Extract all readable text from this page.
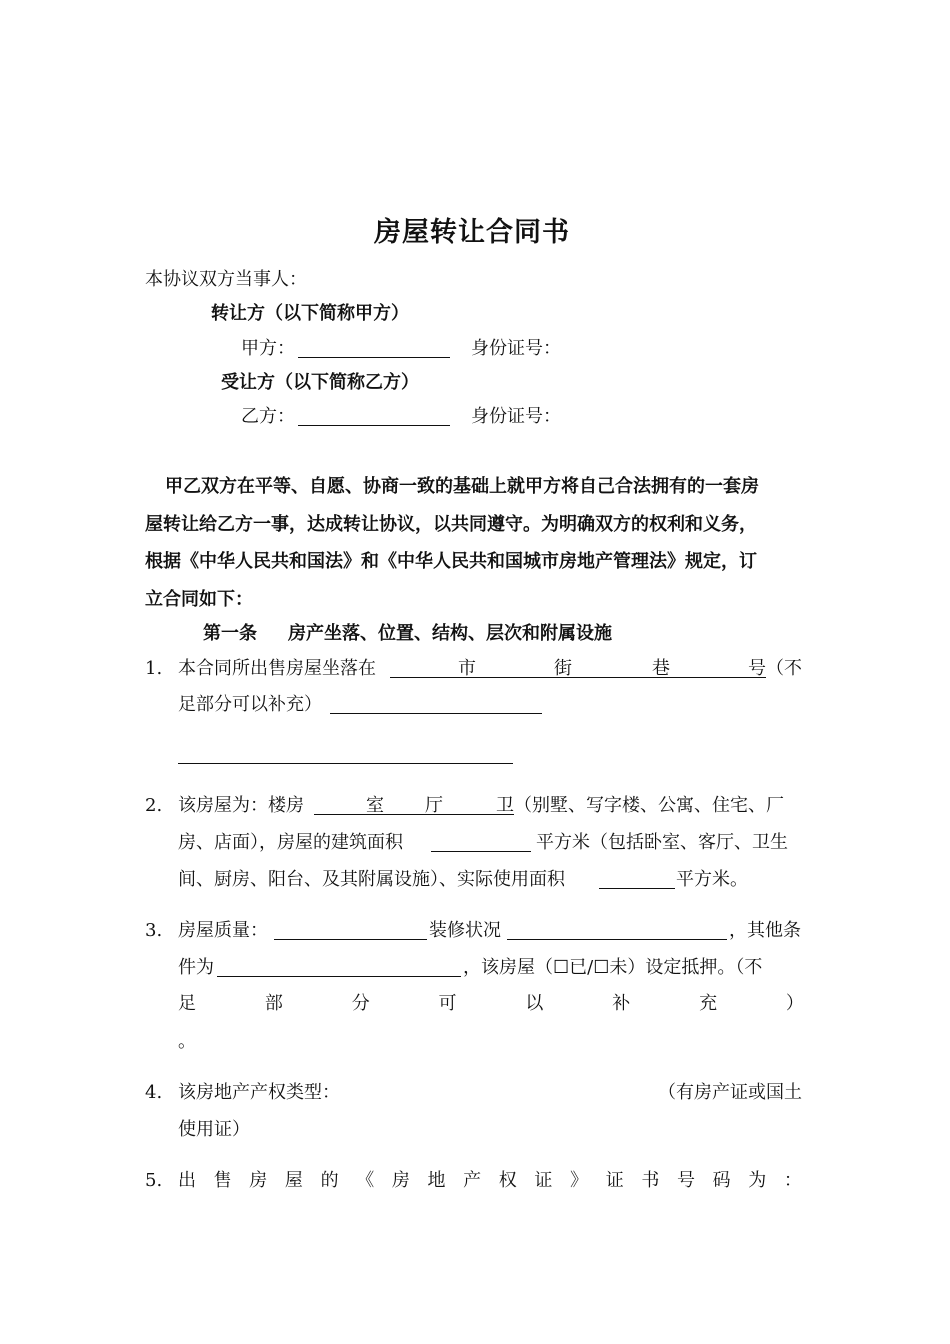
房屋转让合同书
本协议双方当事人：
转让方（以下简称甲方）
甲方：	身份证号：
受让方（以下简称乙方）
乙方：	身份证号：
甲乙双方在平等、自愿、协商一致的基础上就甲方将自己合法拥有的一套房
屋转让给乙方一事，达成转让协议，以共同遵守。为明确双方的权利和义务，
根据《中华人民共和国法》和《中华人民共和国城市房地产管理法》规定，订
立合同如下：
第一条 房产坐落、位置、结构、层次和附属设施
1. 本合同所出售房屋坐落在	市	街	巷	号 （不
足部分可以补充）
2. 该房屋为：楼房	室 厅	卫 （别墅、写字楼、公寓、住宅、厂
房、店面），房屋的建筑面积	平方米（包括卧室、客厅、卫生
间、厨房、阳台、及其附属设施）、实际使用面积	平方米。
3. 房屋质量：	装修状况	，其他条
件为	，该房屋（☐已/☐未）设定抵押。（不
足	部	分	可	以	补	充	）
。
4. 该房地产产权类型：	（有房产证或国土
使用证）
5. 出 售 房 屋 的 《 房 地 产 权 证 》 证 书 号 码 为 ：
